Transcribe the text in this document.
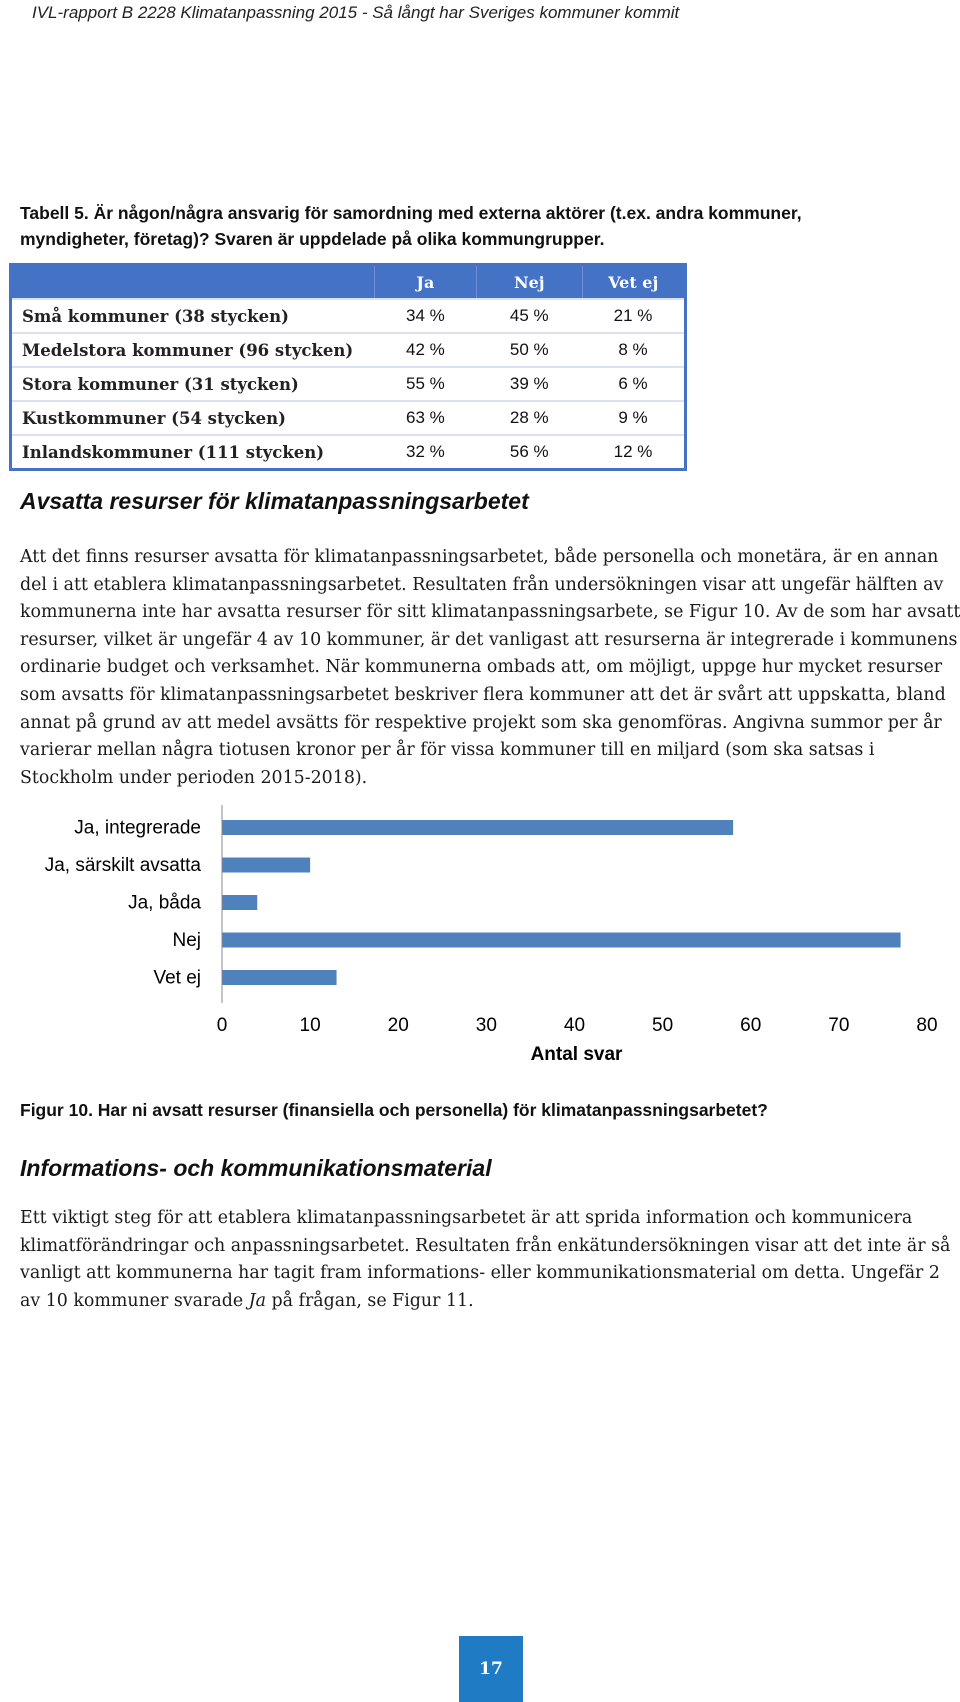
IVL-rapport B 2228 Klimatanpassning 2015 - Så långt har Sveriges kommuner kommit
Tabell 5. Är någon/några ansvarig för samordning med externa aktörer (t.ex. andra kommuner,
myndigheter, företag)? Svaren är uppdelade på olika kommungrupper.
	Ja	Nej	Vet ej
Små kommuner (38 stycken)	34 %	45 %	21 %
Medelstora kommuner (96 stycken)	42 %	50 %	8 %
Stora kommuner (31 stycken)	55 %	39 %	6 %
Kustkommuner (54 stycken)	63 %	28 %	9 %
Inlandskommuner (111 stycken)	32 %	56 %	12 %
Avsatta resurser för klimatanpassningsarbetet
Att det finns resurser avsatta för klimatanpassningsarbetet, både personella och monetära, är en annan del i att etablera klimatanpassningsarbetet. Resultaten från undersökningen visar att ungefär hälften av kommunerna inte har avsatta resurser för sitt klimatanpassningsarbete, se Figur 10. Av de som har avsatt resurser, vilket är ungefär 4 av 10 kommuner, är det vanligast att resurserna är integrerade i kommunens ordinarie budget och verksamhet. När kommunerna ombads att, om möjligt, uppge hur mycket resurser som avsatts för klimatanpassningsarbetet beskriver flera kommuner att det är svårt att uppskatta, bland annat på grund av att medel avsätts för respektive projekt som ska genomföras. Angivna summor per år varierar mellan några tiotusen kronor per år för vissa kommuner till en miljard (som ska satsas i Stockholm under perioden 2015-2018).
Ja, integrerade
Ja, särskilt avsatta
Ja, båda
Nej
Vet ej
0	10	20	30	40	50	60	70	80
Antal svar
Figur 10. Har ni avsatt resurser (finansiella och personella) för klimatanpassningsarbetet?
Informations- och kommunikationsmaterial
Ett viktigt steg för att etablera klimatanpassningsarbetet är att sprida information och kommunicera klimatförändringar och anpassningsarbetet. Resultaten från enkätundersökningen visar att det inte är så vanligt att kommunerna har tagit fram informations- eller kommunikationsmaterial om detta. Ungefär 2 av 10 kommuner svarade Ja på frågan, se Figur 11.
17
